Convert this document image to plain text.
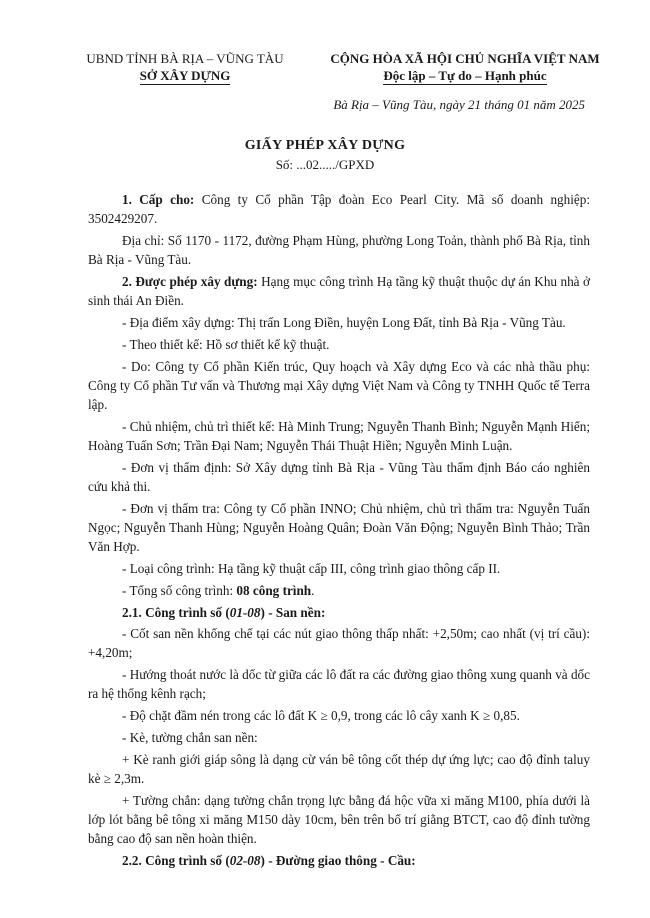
UBND TỈNH BÀ RỊA – VŨNG TÀU
SỞ XÂY DỰNG
CỘNG HÒA XÃ HỘI CHỦ NGHĨA VIỆT NAM
Độc lập – Tự do – Hạnh phúc
Bà Rịa – Vũng Tàu, ngày 21 tháng 01 năm 2025
GIẤY PHÉP XÂY DỰNG
Số: ...02...../GPXD

1. Cấp cho: Công ty Cổ phần Tập đoàn Eco Pearl City. Mã số doanh nghiệp: 3502429207.

Địa chỉ: Số 1170 - 1172, đường Phạm Hùng, phường Long Toản, thành phố Bà Rịa, tỉnh Bà Rịa - Vũng Tàu.

2. Được phép xây dựng: Hạng mục công trình Hạ tầng kỹ thuật thuộc dự án Khu nhà ở sinh thái An Điền.

- Địa điểm xây dựng: Thị trấn Long Điền, huyện Long Đất, tỉnh Bà Rịa - Vũng Tàu.

- Theo thiết kế: Hồ sơ thiết kế kỹ thuật.

- Do: Công ty Cổ phần Kiến trúc, Quy hoạch và Xây dựng Eco và các nhà thầu phụ: Công ty Cổ phần Tư vấn và Thương mại Xây dựng Việt Nam và Công ty TNHH Quốc tế Terra lập.

- Chủ nhiệm, chủ trì thiết kế: Hà Minh Trung; Nguyễn Thanh Bình; Nguyễn Mạnh Hiển; Hoàng Tuấn Sơn; Trần Đại Nam; Nguyễn Thái Thuật Hiền; Nguyễn Minh Luận.

- Đơn vị thẩm định: Sở Xây dựng tỉnh Bà Rịa - Vũng Tàu thẩm định Báo cáo nghiên cứu khả thi.

- Đơn vị thẩm tra: Công ty Cổ phần INNO; Chủ nhiệm, chủ trì thẩm tra: Nguyễn Tuấn Ngọc; Nguyễn Thanh Hùng; Nguyễn Hoàng Quân; Đoàn Văn Động; Nguyễn Bình Thảo; Trần Văn Hợp.

- Loại công trình: Hạ tầng kỹ thuật cấp III, công trình giao thông cấp II.

- Tổng số công trình: 08 công trình.

2.1. Công trình số (01-08) - San nền:

- Cốt san nền khống chế tại các nút giao thông thấp nhất: +2,50m; cao nhất (vị trí cầu): +4,20m;

- Hướng thoát nước là dốc từ giữa các lô đất ra các đường giao thông xung quanh và dốc ra hệ thống kênh rạch;

- Độ chặt đầm nén trong các lô đất K ≥ 0,9, trong các lô cây xanh K ≥ 0,85.

- Kè, tường chắn san nền:

+ Kè ranh giới giáp sông là dạng cừ ván bê tông cốt thép dự ứng lực; cao độ đỉnh taluy kè ≥ 2,3m.

+ Tường chắn: dạng tường chắn trọng lực bằng đá hộc vữa xi măng M100, phía dưới là lớp lót bằng bê tông xi măng M150 dày 10cm, bên trên bố trí giằng BTCT, cao độ đỉnh tường bằng cao độ san nền hoàn thiện.

2.2. Công trình số (02-08) - Đường giao thông - Cầu:
